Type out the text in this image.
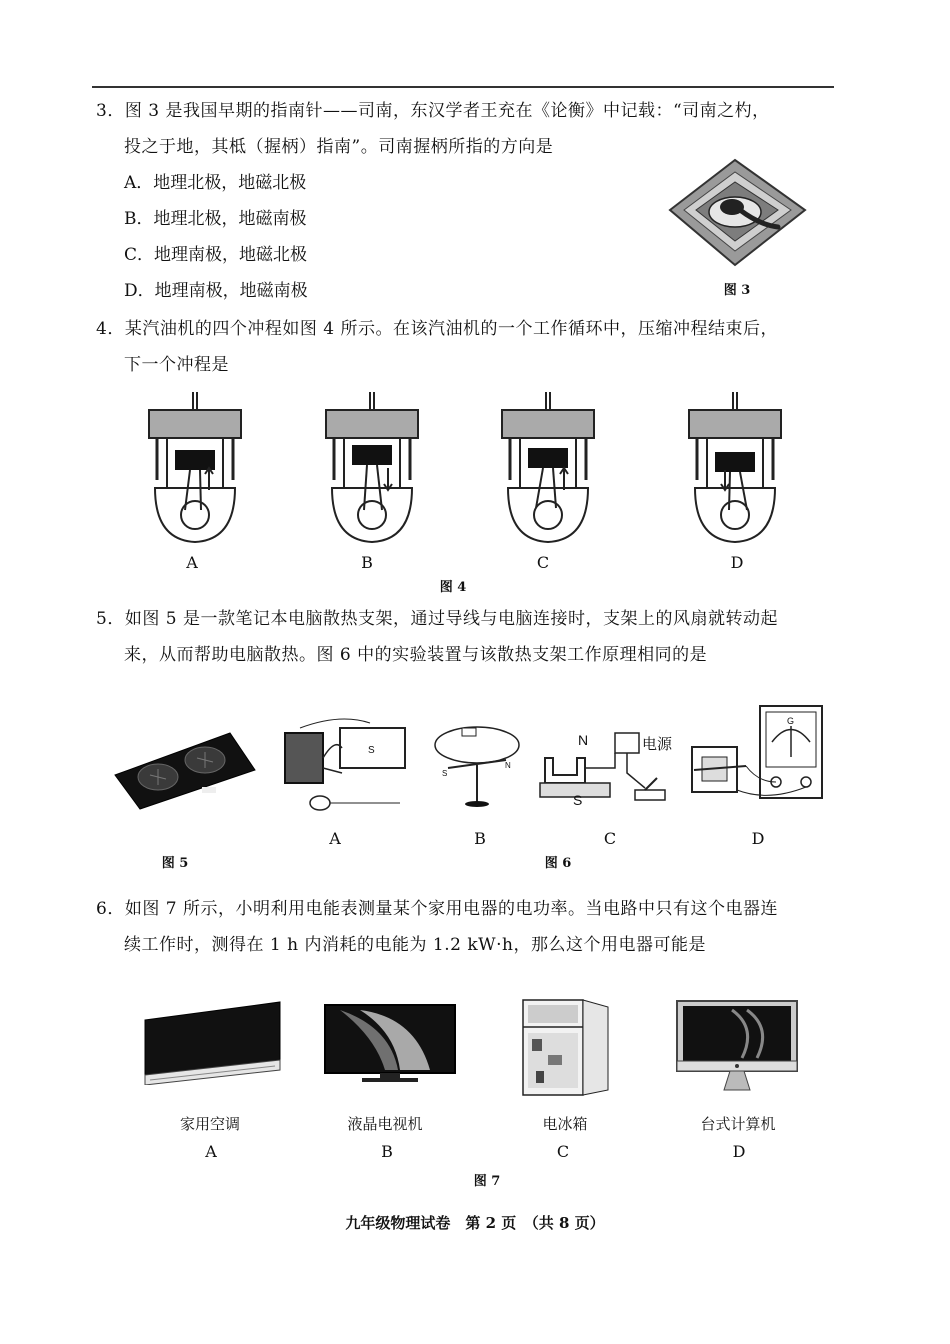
3．图 3 是我国早期的指南针——司南，东汉学者王充在《论衡》中记载：“司南之杓，
投之于地，其柢（握柄）指南”。司南握柄所指的方向是
A．地理北极，地磁北极
B．地理北极，地磁南极
C．地理南极，地磁北极
D．地理南极，地磁南极	图 3
4．某汽油机的四个冲程如图 4 所示。在该汽油机的一个工作循环中，压缩冲程结束后，
下一个冲程是
A	B	C	D
图 4
5．如图 5 是一款笔记本电脑散热支架，通过导线与电脑连接时，支架上的风扇就转动起
来，从而帮助电脑散热。图 6 中的实验装置与该散热支架工作原理相同的是
图 5
S
S
N
N
S
电源
G
A	B	C	D
图 6
6．如图 7 所示，小明利用电能表测量某个家用电器的电功率。当电路中只有这个电器连
续工作时，测得在 1 h 内消耗的电能为 1.2 kW·h，那么这个用电器可能是
家用空调	液晶电视机	电冰箱	台式计算机
A	B	C	D
图 7
九年级物理试卷　第 2 页　（共 8 页）
